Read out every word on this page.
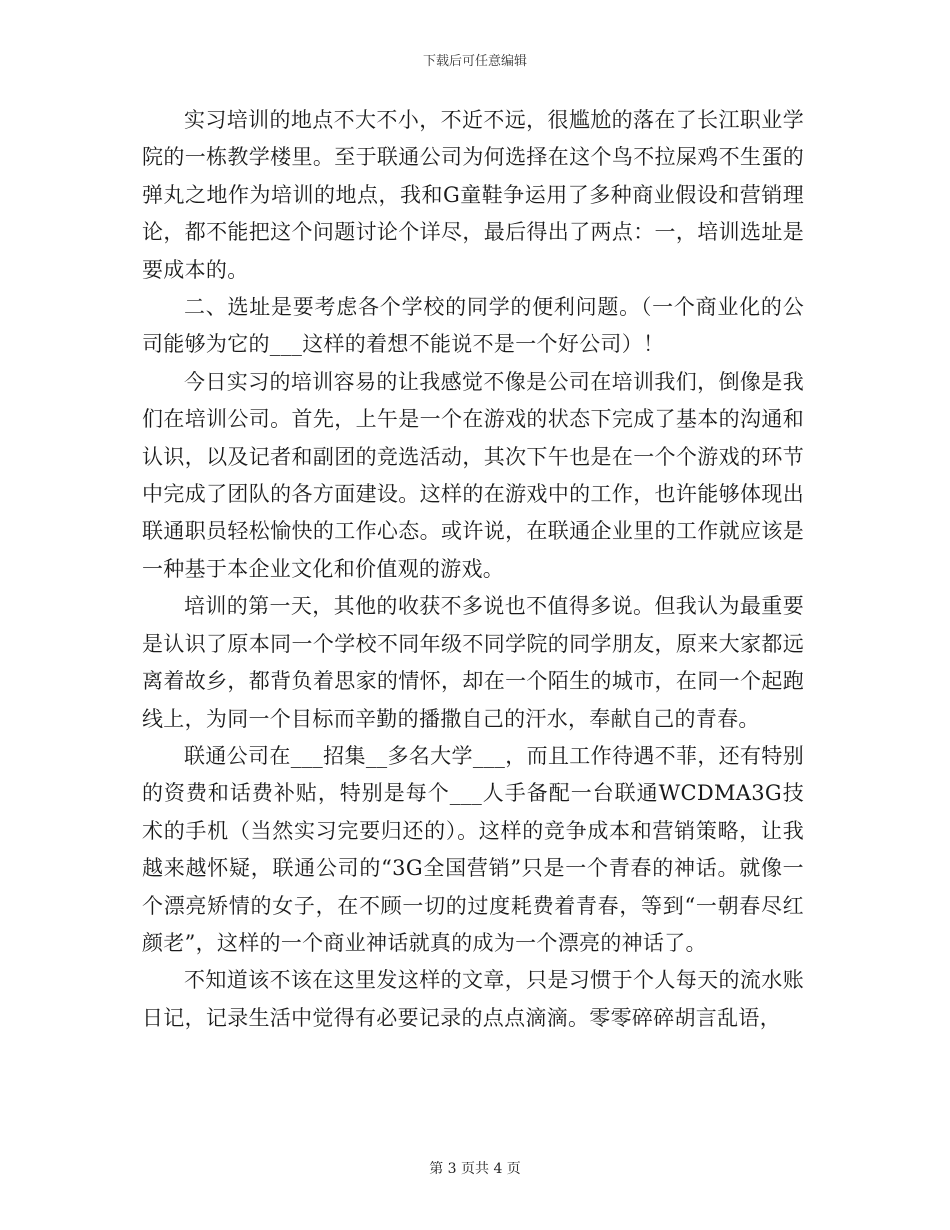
下载后可任意编辑

实习培训的地点不大不小，不近不远，很尴尬的落在了长江职业学院的一栋教学楼里。至于联通公司为何选择在这个鸟不拉屎鸡不生蛋的弹丸之地作为培训的地点，我和G童鞋争运用了多种商业假设和营销理论，都不能把这个问题讨论个详尽，最后得出了两点：一，培训选址是要成本的。

二、选址是要考虑各个学校的同学的便利问题。（一个商业化的公司能够为它的___这样的着想不能说不是一个好公司）！

今日实习的培训容易的让我感觉不像是公司在培训我们，倒像是我们在培训公司。首先，上午是一个在游戏的状态下完成了基本的沟通和认识，以及记者和副团的竞选活动，其次下午也是在一个个游戏的环节中完成了团队的各方面建设。这样的在游戏中的工作，也许能够体现出联通职员轻松愉快的工作心态。或许说，在联通企业里的工作就应该是一种基于本企业文化和价值观的游戏。

培训的第一天，其他的收获不多说也不值得多说。但我认为最重要是认识了原本同一个学校不同年级不同学院的同学朋友，原来大家都远离着故乡，都背负着思家的情怀，却在一个陌生的城市，在同一个起跑线上，为同一个目标而辛勤的播撒自己的汗水，奉献自己的青春。

联通公司在___招集__多名大学___，而且工作待遇不菲，还有特别的资费和话费补贴，特别是每个___人手备配一台联通WCDMA3G技术的手机（当然实习完要归还的）。这样的竞争成本和营销策略，让我越来越怀疑，联通公司的“3G全国营销”只是一个青春的神话。就像一个漂亮矫情的女子，在不顾一切的过度耗费着青春，等到“一朝春尽红颜老”，这样的一个商业神话就真的成为一个漂亮的神话了。

不知道该不该在这里发这样的文章，只是习惯于个人每天的流水账日记，记录生活中觉得有必要记录的点点滴滴。零零碎碎胡言乱语，

第 3 页共 4 页
